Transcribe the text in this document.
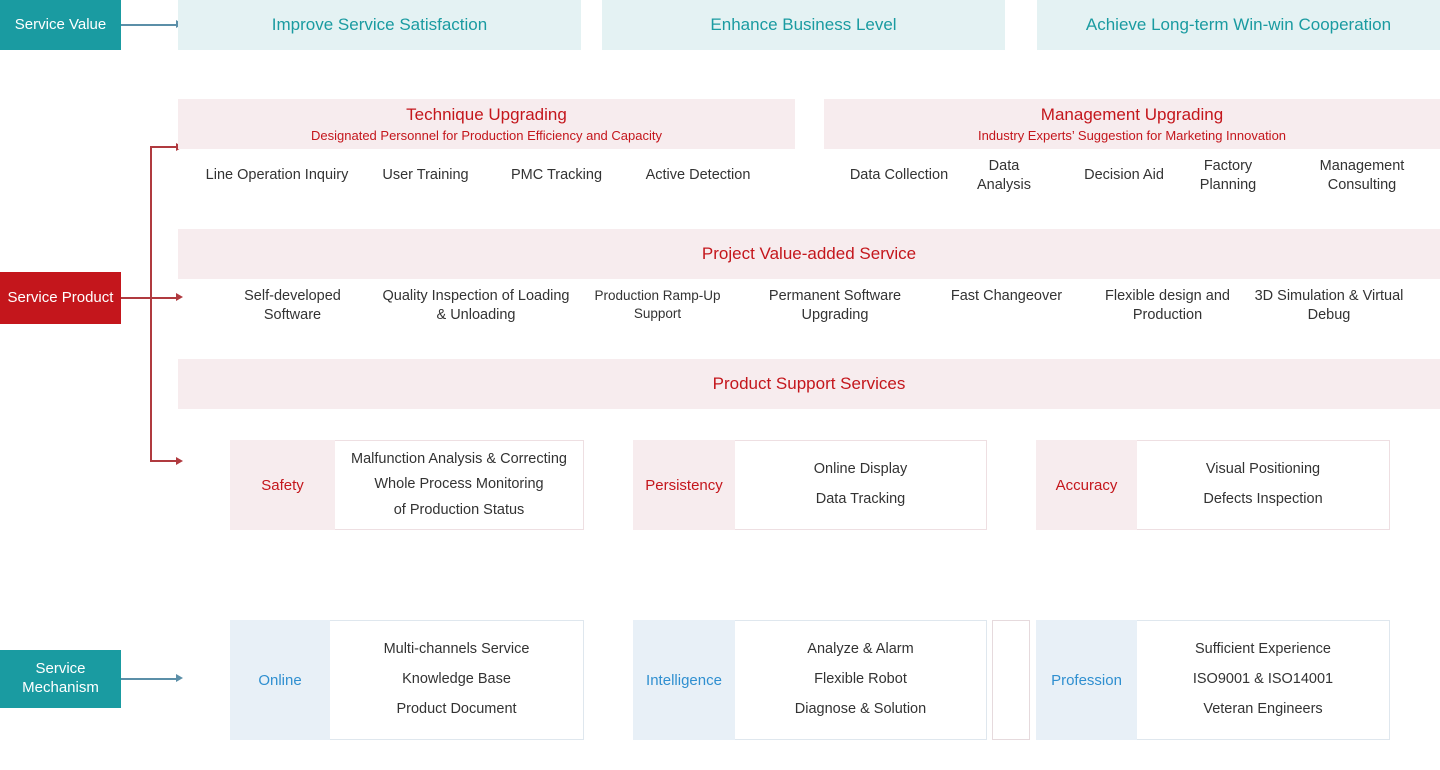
Service Value
Service Product
Service Mechanism
Improve Service Satisfaction	Enhance Business Level	Achieve Long-term Win-win Cooperation
Technique Upgrading
Designated Personnel for Production Efficiency and Capacity
Line Operation Inquiry	User Training	PMC Tracking	Active Detection
Management Upgrading
Industry Experts’ Suggestion for Marketing Innovation
Data Collection
Data Analysis
Decision Aid
Factory Planning
Management Consulting
Project Value-added Service
Self-developed Software
Quality Inspection of Loading & Unloading
Production Ramp-Up Support
Permanent Software Upgrading
Fast Changeover	Flexible design and Production
3D Simulation & Virtual Debug
Product Support Services
Safety
Malfunction Analysis & Correcting
Whole Process Monitoring
of Production Status
Persistency
Online Display
Data Tracking
Accuracy
Visual Positioning
Defects Inspection
Online
Multi-channels Service
Knowledge Base
Product Document
Intelligence
Analyze & Alarm
Flexible Robot
Diagnose & Solution
Profession
Sufficient Experience
ISO9001 & ISO14001
Veteran Engineers
